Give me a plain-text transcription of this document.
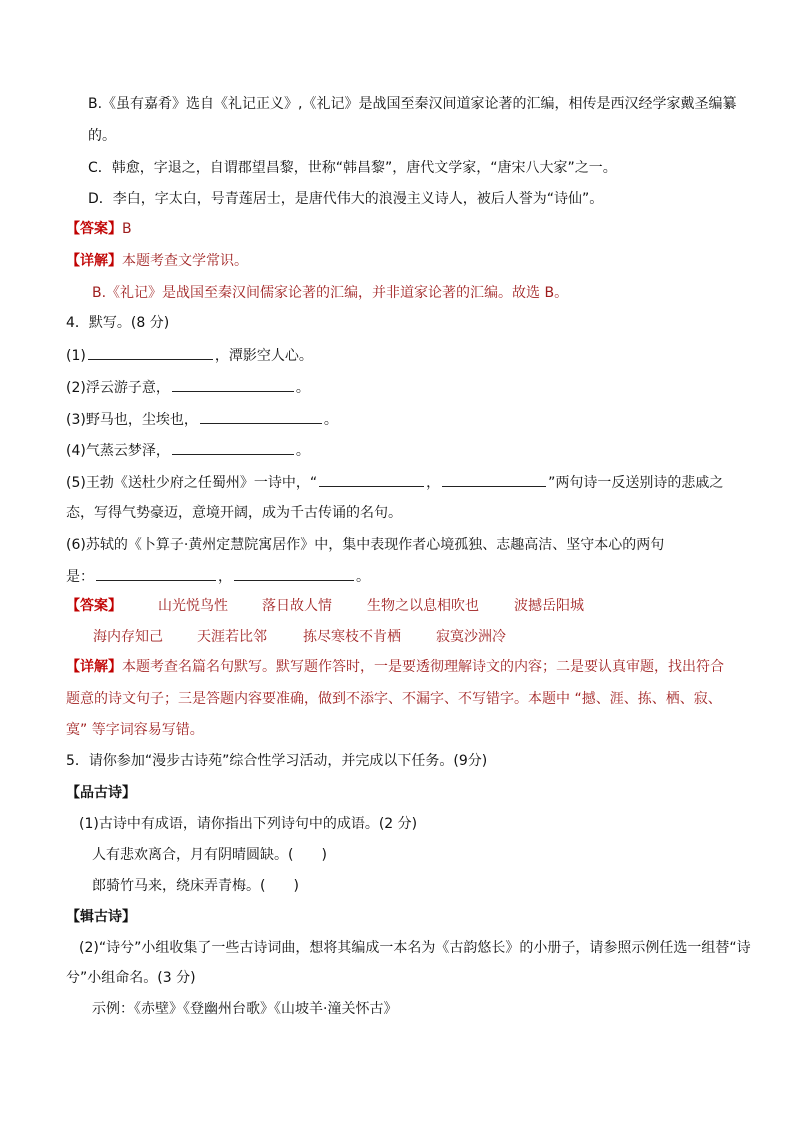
B.《虽有嘉肴》选自《礼记正义》,《礼记》是战国至秦汉间道家论著的汇编，相传是西汉经学家戴圣编纂
的。
C．韩愈，字退之，自谓郡望昌黎，世称“韩昌黎”，唐代文学家，“唐宋八大家”之一。
D．李白，字太白，号青莲居士，是唐代伟大的浪漫主义诗人，被后人誉为“诗仙”。
【答案】B
【详解】本题考查文学常识。
B.《礼记》是战国至秦汉间儒家论著的汇编，并非道家论著的汇编。故选 B。
4．默写。(8 分)
(1)	，潭影空人心。
(2)浮云游子意，	。
(3)野马也，尘埃也，	。
(4)气蒸云梦泽，	。
(5)王勃《送杜少府之任蜀州》一诗中，“	，	”两句诗一反送别诗的悲戚之
态，写得气势豪迈，意境开阔，成为千古传诵的名句。
(6)苏轼的《卜算子·黄州定慧院寓居作》中，集中表现作者心境孤独、志趣高洁、坚守本心的两句
是：	，	。
【答案】	山光悦鸟性 落日故人情	生物之以息相吹也	波撼岳阳城
海内存知己 天涯若比邻	拣尽寒枝不肯栖	寂寞沙洲冷
【详解】本题考查名篇名句默写。默写题作答时，一是要透彻理解诗文的内容；二是要认真审题，找出符合
题意的诗文句子；三是答题内容要准确，做到不添字、不漏字、不写错字。本题中 “撼、涯、拣、栖、寂、
寞” 等字词容易写错。
5．请你参加“漫步古诗苑”综合性学习活动，并完成以下任务。(9分)
【品古诗】
(1)古诗中有成语，请你指出下列诗句中的成语。(2 分)
人有悲欢离合，月有阴晴圆缺。(　　)
郎骑竹马来，绕床弄青梅。(　　)
【辑古诗】
(2)“诗兮”小组收集了一些古诗词曲，想将其编成一本名为《古韵悠长》的小册子，请参照示例任选一组替“诗
兮”小组命名。(3 分)
示例：《赤壁》《登幽州台歌》《山坡羊·潼关怀古》
